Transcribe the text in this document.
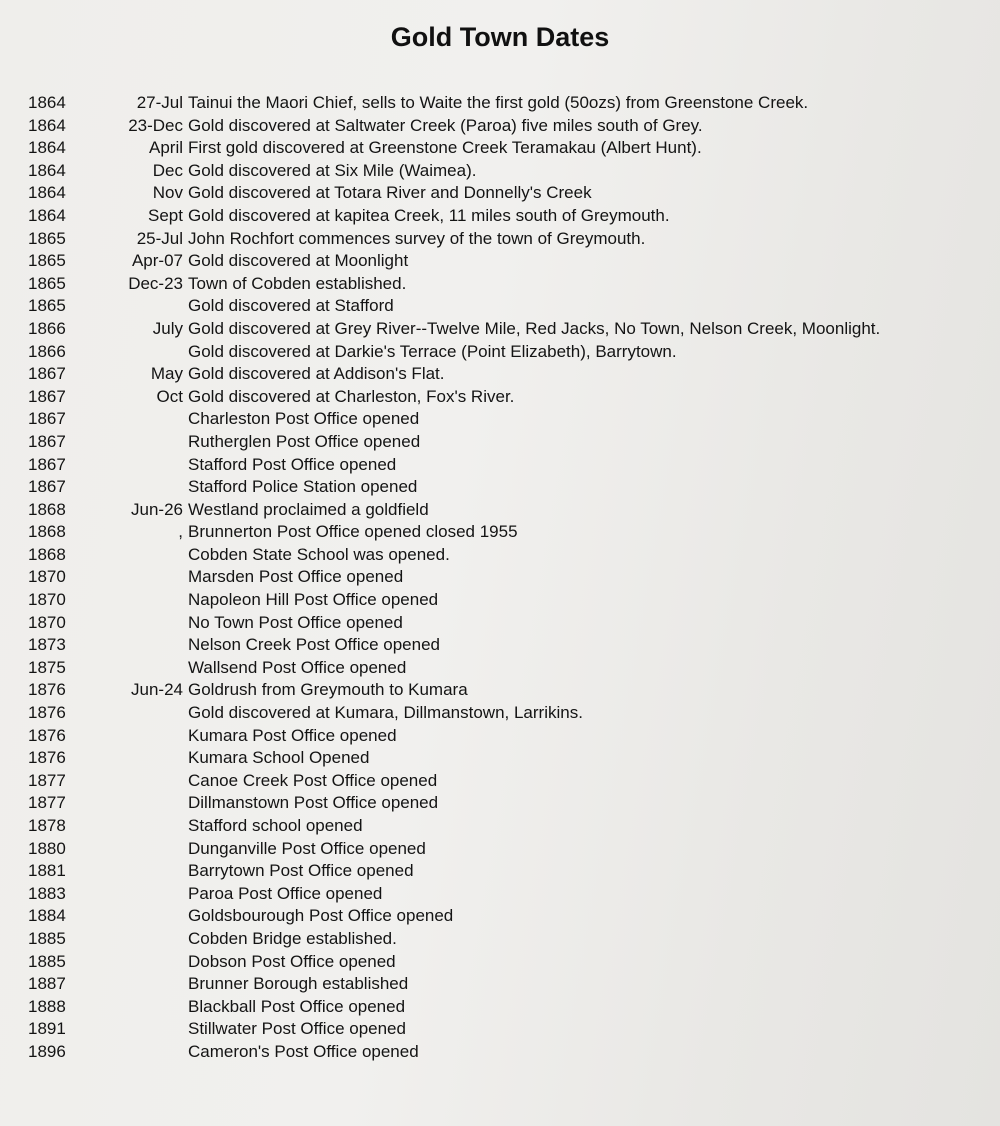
Gold Town Dates
1864	27-Jul Tainui the Maori Chief, sells to Waite the first gold (50ozs) from Greenstone Creek.
1864	23-Dec Gold discovered at Saltwater Creek (Paroa) five miles south of Grey.
1864	April First gold discovered at Greenstone Creek Teramakau (Albert Hunt).
1864	Dec Gold discovered at Six Mile (Waimea).
1864	Nov Gold discovered at Totara River and Donnelly's Creek
1864	Sept Gold discovered at kapitea Creek, 11 miles south of Greymouth.
1865	25-Jul John Rochfort commences survey of the town of Greymouth.
1865	Apr-07 Gold discovered at Moonlight
1865	Dec-23 Town of Cobden established.
1865	Gold discovered at Stafford
1866	July Gold discovered at Grey River--Twelve Mile, Red Jacks, No Town, Nelson Creek, Moonlight.
1866	Gold discovered at Darkie's Terrace (Point Elizabeth), Barrytown.
1867	May Gold discovered at Addison's Flat.
1867	Oct Gold discovered at Charleston, Fox's River.
1867	Charleston Post Office opened
1867	Rutherglen Post Office opened
1867	Stafford Post Office opened
1867	Stafford Police Station opened
1868	Jun-26 Westland proclaimed a goldfield
1868	, Brunnerton Post Office opened closed 1955
1868	Cobden State School was opened.
1870	Marsden Post Office opened
1870	Napoleon Hill Post Office opened
1870	No Town Post Office opened
1873	Nelson Creek Post Office opened
1875	Wallsend Post Office opened
1876	Jun-24 Goldrush from Greymouth to Kumara
1876	Gold discovered at Kumara, Dillmanstown, Larrikins.
1876	Kumara Post Office opened
1876	Kumara School Opened
1877	Canoe Creek Post Office opened
1877	Dillmanstown Post Office opened
1878	Stafford school opened
1880	Dunganville Post Office opened
1881	Barrytown Post Office opened
1883	Paroa Post Office opened
1884	Goldsbourough Post Office opened
1885	Cobden Bridge established.
1885	Dobson Post Office opened
1887	Brunner Borough established
1888	Blackball Post Office opened
1891	Stillwater Post Office opened
1896	Cameron's Post Office opened
